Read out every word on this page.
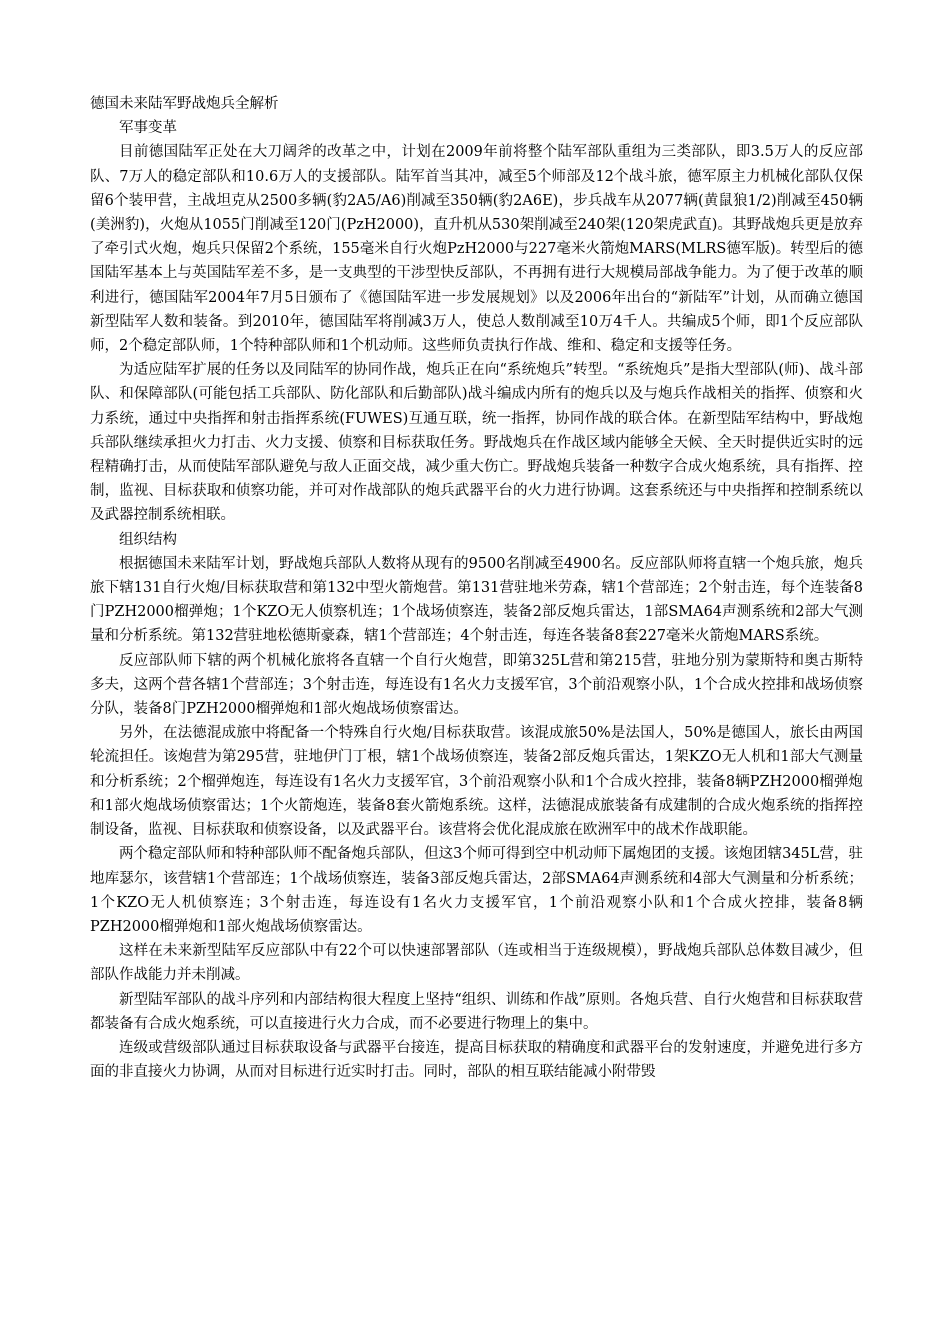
德国未来陆军野战炮兵全解析

军事变革

目前德国陆军正处在大刀阔斧的改革之中，计划在2009年前将整个陆军部队重组为三类部队，即3.5万人的反应部队、7万人的稳定部队和10.6万人的支援部队。陆军首当其冲，减至5个师部及12个战斗旅，德军原主力机械化部队仅保留6个装甲营，主战坦克从2500多辆(豹2A5/A6)削减至350辆(豹2A6E)，步兵战车从2077辆(黄鼠狼1/2)削减至450辆(美洲豹)，火炮从1055门削减至120门(PzH2000)，直升机从530架削减至240架(120架虎武直)。其野战炮兵更是放弃了牵引式火炮，炮兵只保留2个系统，155毫米自行火炮PzH2000与227毫米火箭炮MARS(MLRS德军版)。转型后的德国陆军基本上与英国陆军差不多，是一支典型的干涉型快反部队，不再拥有进行大规模局部战争能力。为了便于改革的顺利进行，德国陆军2004年7月5日颁布了《德国陆军进一步发展规划》以及2006年出台的“新陆军”计划，从而确立德国新型陆军人数和装备。到2010年，德国陆军将削减3万人，使总人数削减至10万4千人。共编成5个师，即1个反应部队师，2个稳定部队师，1个特种部队师和1个机动师。这些师负责执行作战、维和、稳定和支援等任务。

为适应陆军扩展的任务以及同陆军的协同作战，炮兵正在向“系统炮兵”转型。“系统炮兵”是指大型部队(师)、战斗部队、和保障部队(可能包括工兵部队、防化部队和后勤部队)战斗编成内所有的炮兵以及与炮兵作战相关的指挥、侦察和火力系统，通过中央指挥和射击指挥系统(FUWES)互通互联，统一指挥，协同作战的联合体。在新型陆军结构中，野战炮兵部队继续承担火力打击、火力支援、侦察和目标获取任务。野战炮兵在作战区域内能够全天候、全天时提供近实时的远程精确打击，从而使陆军部队避免与敌人正面交战，减少重大伤亡。野战炮兵装备一种数字合成火炮系统，具有指挥、控制，监视、目标获取和侦察功能，并可对作战部队的炮兵武器平台的火力进行协调。这套系统还与中央指挥和控制系统以及武器控制系统相联。

组织结构

根据德国未来陆军计划，野战炮兵部队人数将从现有的9500名削减至4900名。反应部队师将直辖一个炮兵旅，炮兵旅下辖131自行火炮/目标获取营和第132中型火箭炮营。第131营驻地米劳森，辖1个营部连；2个射击连，每个连装备8门PZH2000榴弹炮；1个KZO无人侦察机连；1个战场侦察连，装备2部反炮兵雷达，1部SMA64声测系统和2部大气测量和分析系统。第132营驻地松德斯豪森，辖1个营部连；4个射击连，每连各装备8套227毫米火箭炮MARS系统。

反应部队师下辖的两个机械化旅将各直辖一个自行火炮营，即第325L营和第215营，驻地分别为蒙斯特和奥古斯特多夫，这两个营各辖1个营部连；3个射击连，每连设有1名火力支援军官，3个前沿观察小队，1个合成火控排和战场侦察分队，装备8门PZH2000榴弹炮和1部火炮战场侦察雷达。

另外，在法德混成旅中将配备一个特殊自行火炮/目标获取营。该混成旅50%是法国人，50%是德国人，旅长由两国轮流担任。该炮营为第295营，驻地伊门丁根，辖1个战场侦察连，装备2部反炮兵雷达，1架KZO无人机和1部大气测量和分析系统；2个榴弹炮连，每连设有1名火力支援军官，3个前沿观察小队和1个合成火控排，装备8辆PZH2000榴弹炮和1部火炮战场侦察雷达；1个火箭炮连，装备8套火箭炮系统。这样，法德混成旅装备有成建制的合成火炮系统的指挥控制设备，监视、目标获取和侦察设备，以及武器平台。该营将会优化混成旅在欧洲军中的战术作战职能。

两个稳定部队师和特种部队师不配备炮兵部队，但这3个师可得到空中机动师下属炮团的支援。该炮团辖345L营，驻地库瑟尔，该营辖1个营部连；1个战场侦察连，装备3部反炮兵雷达，2部SMA64声测系统和4部大气测量和分析系统；1个KZO无人机侦察连；3个射击连，每连设有1名火力支援军官，1个前沿观察小队和1个合成火控排，装备8辆PZH2000榴弹炮和1部火炮战场侦察雷达。

这样在未来新型陆军反应部队中有22个可以快速部署部队（连或相当于连级规模），野战炮兵部队总体数目减少，但部队作战能力并未削减。

新型陆军部队的战斗序列和内部结构很大程度上坚持“组织、训练和作战”原则。各炮兵营、自行火炮营和目标获取营都装备有合成火炮系统，可以直接进行火力合成，而不必要进行物理上的集中。

连级或营级部队通过目标获取设备与武器平台接连，提高目标获取的精确度和武器平台的发射速度，并避免进行多方面的非直接火力协调，从而对目标进行近实时打击。同时，部队的相互联结能减小附带毁
